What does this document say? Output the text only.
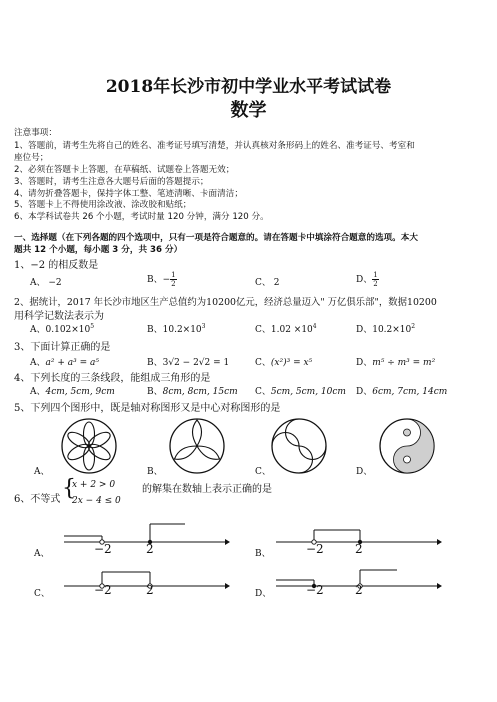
2018年长沙市初中学业水平考试试卷
数学
注意事项：
1、答题前，请考生先将自己的姓名、准考证号填写清楚，并认真核对条形码上的姓名、准考证号、考室和
座位号；
2、必须在答题卡上答题，在草稿纸、试题卷上答题无效；
3、答题时，请考生注意各大题号后面的答题提示；
4、请勿折叠答题卡，保持字体工整、笔迹清晰、卡面清洁；
5、答题卡上不得使用涂改液、涂改胶和贴纸；
6、本学科试卷共 26 个小题，考试时量 120 分钟，满分 120 分。
一、选择题（在下列各题的四个选项中，只有一项是符合题意的。请在答题卡中填涂符合题意的选项。本大
题共 12 个小题，每小题 3 分，共 36 分）
1、−2 的相反数是
A、 −2	B、− $\frac{1}{2}$	C、 2	D、 $\frac{1}{2}$
2、据统计，2017 年长沙市地区生产总值约为10200亿元，经济总量迈入" 万亿俱乐部"，数据10200
用科学记数法表示为
A、$0.102\times 10^5$	B、$10.2\times 10^3$	C、$1.02 \times 10^4$	D、$10.2\times 10^2$
3、下面计算正确的是
A、a² + a³ = a⁵	B、3√2 − 2√2 = 1	C、(x²)³ = x⁵	D、m⁵ ÷ m³ = m²
4、下列长度的三条线段，能组成三角形的是
A、4cm, 5cm, 9cm	B、8cm, 8cm, 15cm C、5cm, 5cm, 10cm D、6cm, 7cm, 14cm
5、下列四个图形中，既是轴对称图形又是中心对称图形的是
A、	B、	C、	D、
6、不等式 {
x + 2 > 0
2x − 4 ≤ 0
的解集在数轴上表示正确的是
A、	−2	2	B、	−2	2
C、	−2	2	D、	−2	2
